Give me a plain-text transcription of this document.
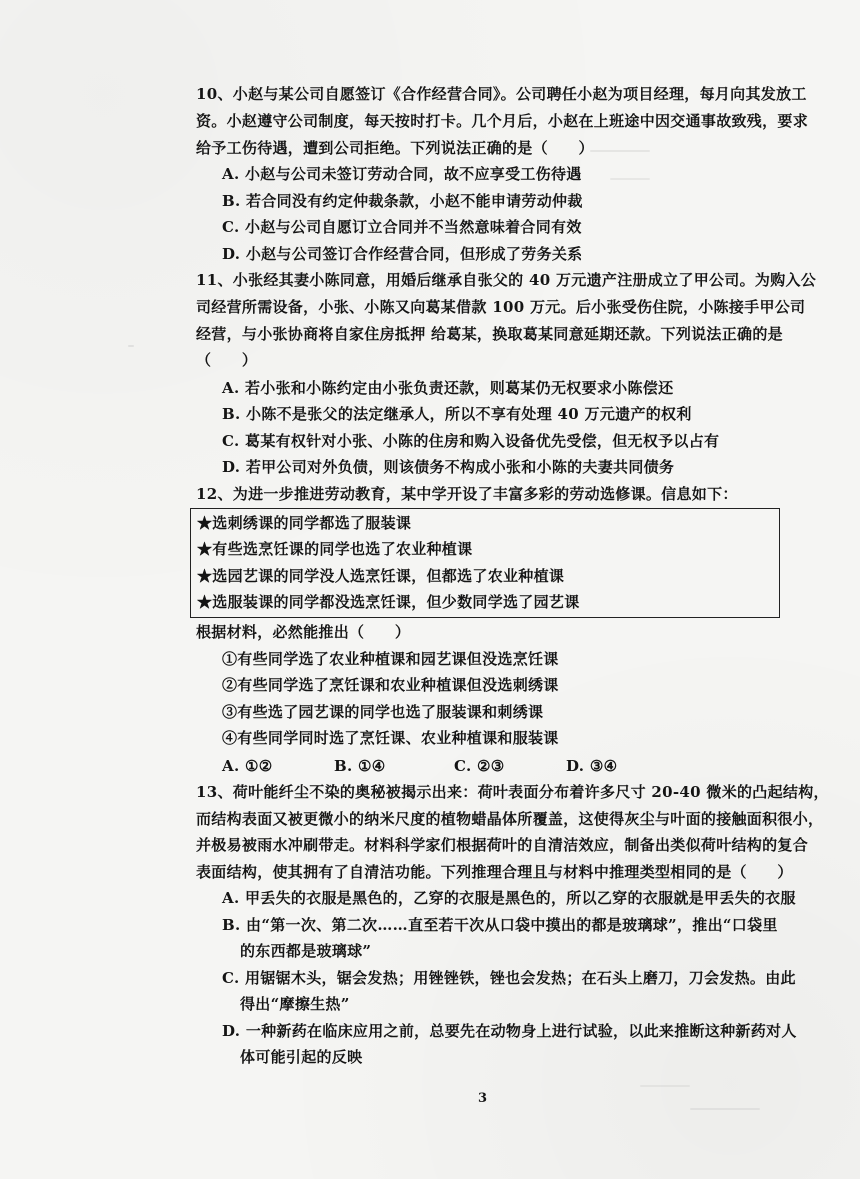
10、小赵与某公司自愿签订《合作经营合同》。公司聘任小赵为项目经理，每月向其发放工
资。小赵遵守公司制度，每天按时打卡。几个月后，小赵在上班途中因交通事故致残，要求
给予工伤待遇，遭到公司拒绝。下列说法正确的是（　　）
A. 小赵与公司未签订劳动合同，故不应享受工伤待遇
B. 若合同没有约定仲裁条款，小赵不能申请劳动仲裁
C. 小赵与公司自愿订立合同并不当然意味着合同有效
D. 小赵与公司签订合作经营合同，但形成了劳务关系
11、小张经其妻小陈同意，用婚后继承自张父的 40 万元遗产注册成立了甲公司。为购入公
司经营所需设备，小张、小陈又向葛某借款 100 万元。后小张受伤住院，小陈接手甲公司
经营，与小张协商将自家住房抵押 给葛某，换取葛某同意延期还款。下列说法正确的是
（　　）
A. 若小张和小陈约定由小张负责还款，则葛某仍无权要求小陈偿还
B. 小陈不是张父的法定继承人，所以不享有处理 40 万元遗产的权利
C. 葛某有权针对小张、小陈的住房和购入设备优先受偿，但无权予以占有
D. 若甲公司对外负债，则该债务不构成小张和小陈的夫妻共同债务
12、为进一步推进劳动教育，某中学开设了丰富多彩的劳动选修课。信息如下：
★选刺绣课的同学都选了服装课
★有些选烹饪课的同学也选了农业种植课
★选园艺课的同学没人选烹饪课，但都选了农业种植课
★选服装课的同学都没选烹饪课，但少数同学选了园艺课
根据材料，必然能推出（　　）
①有些同学选了农业种植课和园艺课但没选烹饪课
②有些同学选了烹饪课和农业种植课但没选刺绣课
③有些选了园艺课的同学也选了服装课和刺绣课
④有些同学同时选了烹饪课、农业种植课和服装课
A. ①②	B. ①④	C. ②③	D. ③④
13、荷叶能纤尘不染的奥秘被揭示出来：荷叶表面分布着许多尺寸 20-40 微米的凸起结构，
而结构表面又被更微小的纳米尺度的植物蜡晶体所覆盖，这使得灰尘与叶面的接触面积很小，
并极易被雨水冲刷带走。材料科学家们根据荷叶的自清洁效应，制备出类似荷叶结构的复合
表面结构，使其拥有了自清洁功能。下列推理合理且与材料中推理类型相同的是（　　）
A. 甲丢失的衣服是黑色的，乙穿的衣服是黑色的，所以乙穿的衣服就是甲丢失的衣服
B. 由“第一次、第二次……直至若干次从口袋中摸出的都是玻璃球”，推出“口袋里
的东西都是玻璃球”
C. 用锯锯木头，锯会发热；用锉锉铁，锉也会发热；在石头上磨刀，刀会发热。由此
得出“摩擦生热”
D. 一种新药在临床应用之前，总要先在动物身上进行试验，以此来推断这种新药对人
体可能引起的反映
3
